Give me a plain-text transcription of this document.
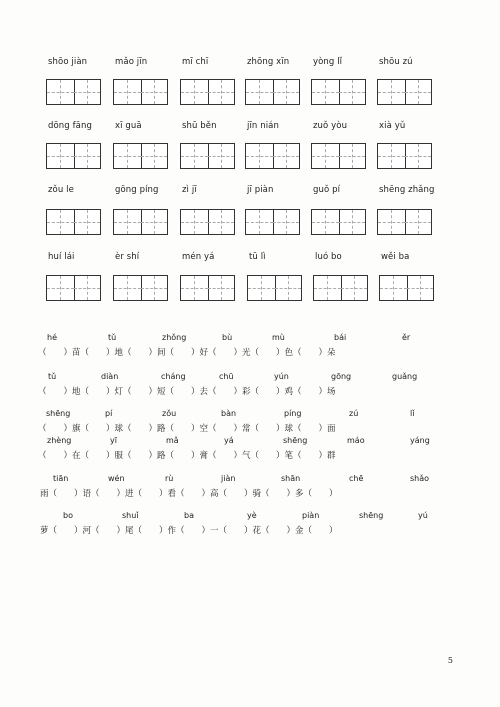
shōo jiàn	mǎo jīn	mī chī	zhōng xīn	yòng lǐ	shōu zú
dōng fāng	xī guā	shū běn	jīn nián	zuǒ yòu	xià yǔ
zǒu le	gōng píng	zì jī	jī piàn	guǒ pí	shēng zhǎng
huí lái	èr shí	mén yá	tū lì	luó bo	wěi ba
hé	tǔ	zhǒng	bù	mù	bái	ěr
（　　）苗（　　）地（　　）间（　　）好（　　）光（　　）色（　　）朵
tǔ	diàn	cháng	chū	yún	gōng	guǎng
（　　）地（　　）灯（　　）短（　　）去（　　）彩（　　）鸡（　　）场
shēng	pí	zǒu	bàn	píng	zú	lǐ
（　　）旗（　　）球（　　）路（　　）空（　　）常（　　）球（　　）面
zhèng	yī	mǎ	yá	shēng	máo	yáng
（　　）在（　　）服（　　）路（　　）膏（　　）气（　　）笔（　　）群
tiān	wén	rù	jiàn	shān	chē	shǎo
雨（　　）语（　　）进（　　）看（　　）高（　　）骑（　　）多（　　）
bo	shuǐ	ba	yè	piàn	shēng	yú
萝（　　）河（　　）尾（　　）作（　　）一（　　）花（　　）金（　　）
5
